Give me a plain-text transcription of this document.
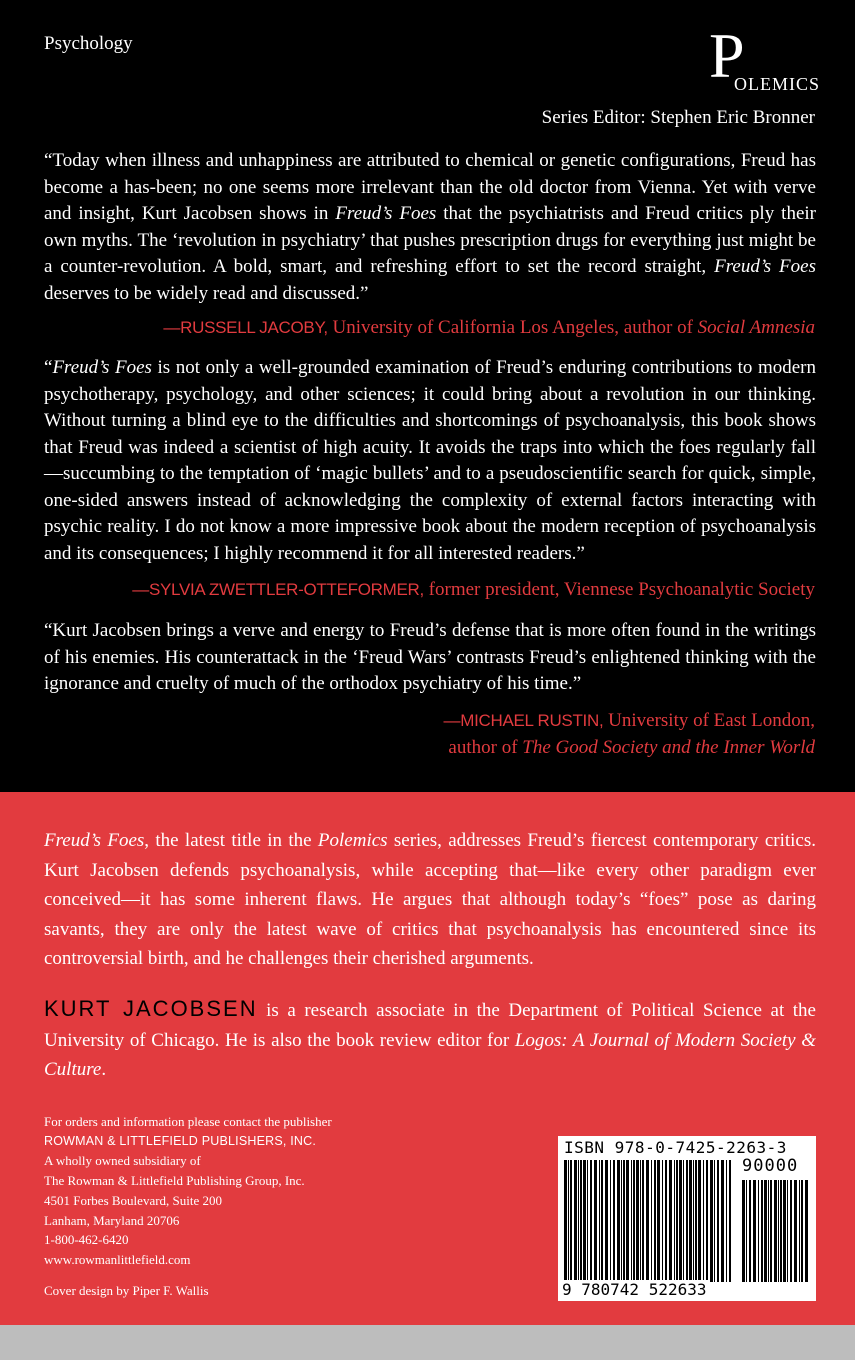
Psychology	P
OLEMICS
Series Editor: Stephen Eric Bronner
“Today when illness and unhappiness are attributed to chemical or genetic configurations, Freud has become a has-been; no one seems more irrelevant than the old doctor from Vienna. Yet with verve and insight, Kurt Jacobsen shows in Freud’s Foes that the psychiatrists and Freud critics ply their own myths. The ‘revolution in psychiatry’ that pushes prescription drugs for everything just might be a counter-revolution. A bold, smart, and refreshing effort to set the record straight, Freud’s Foes deserves to be widely read and discussed.”
—RUSSELL JACOBY, University of California Los Angeles, author of Social Amnesia
“Freud’s Foes is not only a well-grounded examination of Freud’s enduring contributions to modern psychotherapy, psychology, and other sciences; it could bring about a revolution in our thinking. Without turning a blind eye to the difficulties and shortcomings of psychoanalysis, this book shows that Freud was indeed a scientist of high acuity. It avoids the traps into which the foes regularly fall—succumbing to the temptation of ‘magic bullets’ and to a pseudoscientific search for quick, simple, one-sided answers instead of acknowledging the complexity of external factors interacting with psychic reality. I do not know a more impressive book about the modern reception of psychoanalysis and its consequences; I highly recommend it for all interested readers.”
—SYLVIA ZWETTLER-OTTEFORMER, former president, Viennese Psychoanalytic Society
“Kurt Jacobsen brings a verve and energy to Freud’s defense that is more often found in the writings of his enemies. His counterattack in the ‘Freud Wars’ contrasts Freud’s enlightened thinking with the ignorance and cruelty of much of the orthodox psychiatry of his time.”
—MICHAEL RUSTIN, University of East London,
author of The Good Society and the Inner World
Freud’s Foes, the latest title in the Polemics series, addresses Freud’s fiercest contemporary critics. Kurt Jacobsen defends psychoanalysis, while accepting that—like every other paradigm ever conceived—it has some inherent flaws. He argues that although today’s “foes” pose as daring savants, they are only the latest wave of critics that psychoanalysis has encountered since its controversial birth, and he challenges their cherished arguments.
KURT JACOBSEN is a research associate in the Department of Political Science at the University of Chicago. He is also the book review editor for Logos: A Journal of Modern Society & Culture.
For orders and information please contact the publisher
ROWMAN & LITTLEFIELD PUBLISHERS, INC.
A wholly owned subsidiary of
The Rowman & Littlefield Publishing Group, Inc.
4501 Forbes Boulevard, Suite 200
Lanham, Maryland 20706
1-800-462-6420
www.rowmanlittlefield.com
Cover design by Piper F. Wallis
ISBN 978-0-7425-2263-3
90000
9 780742 522633
